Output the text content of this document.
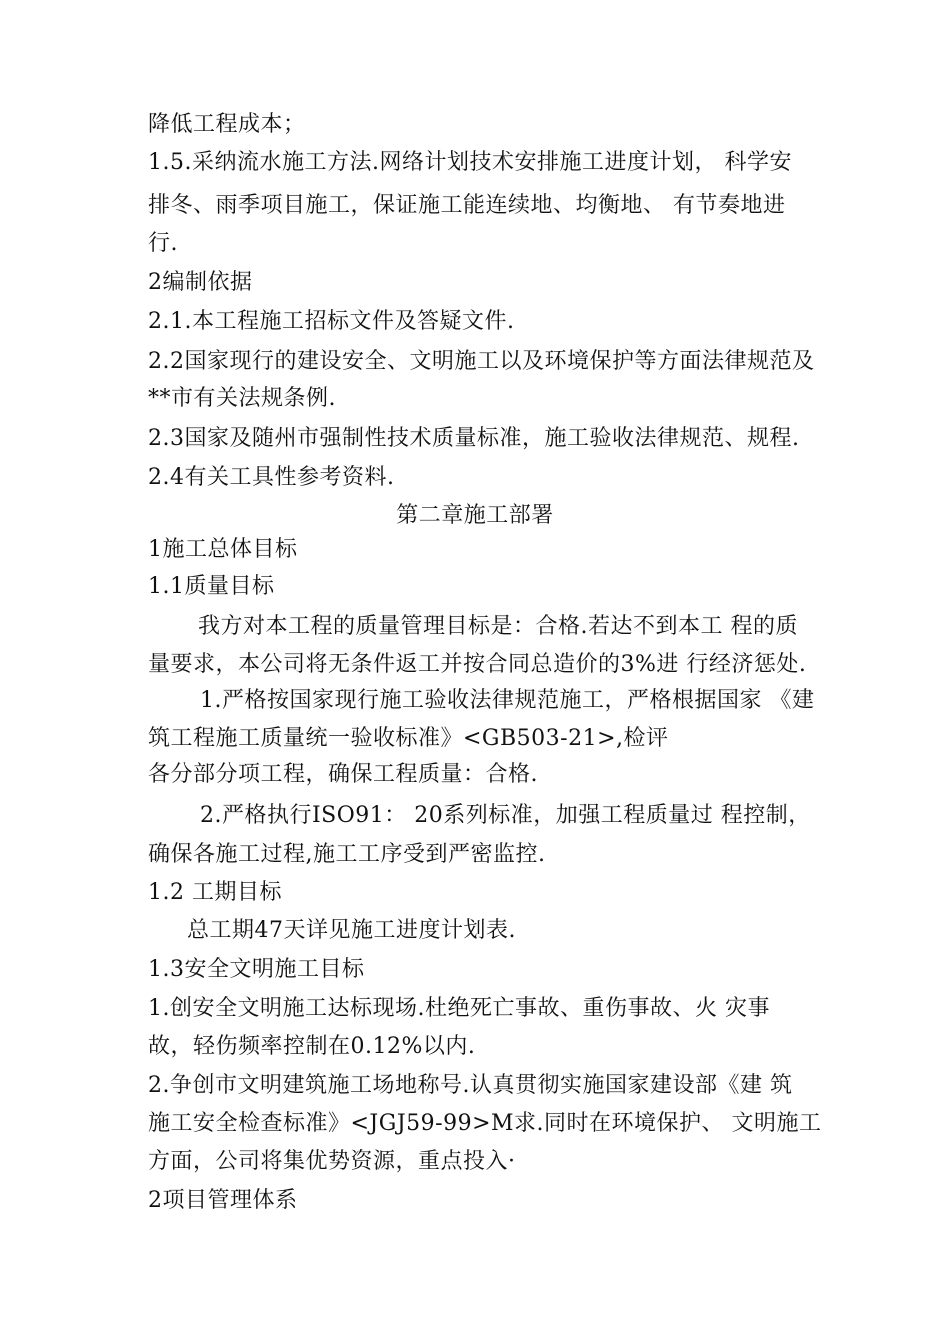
降低工程成本；
1.5.采纳流水施工方法.网络计划技术安排施工进度计划， 科学安
排冬、雨季项目施工，保证施工能连续地、均衡地、 有节奏地进
行.
2编制依据
2.1.本工程施工招标文件及答疑文件.
2.2国家现行的建设安全、文明施工以及环境保护等方面法律规范及
**市有关法规条例.
2.3国家及随州市强制性技术质量标准，施工验收法律规范、规程.
2.4有关工具性参考资料.
第二章施工部署
1施工总体目标
1.1质量目标
我方对本工程的质量管理目标是：合格.若达不到本工 程的质
量要求，本公司将无条件返工并按合同总造价的3%进 行经济惩处.
1.严格按国家现行施工验收法律规范施工，严格根据国家 《建
筑工程施工质量统一验收标准》<GB503-21>,检评
各分部分项工程，确保工程质量：合格.
2.严格执行ISO91： 20系列标准，加强工程质量过 程控制，
确保各施工过程,施工工序受到严密监控.
1.2 工期目标
总工期47天详见施工进度计划表.
1.3安全文明施工目标
1.创安全文明施工达标现场.杜绝死亡事故、重伤事故、火 灾事
故，轻伤频率控制在0.12%以内.
2.争创市文明建筑施工场地称号.认真贯彻实施国家建设部《建 筑
施工安全检查标准》<JGJ59-99>M求.同时在环境保护、 文明施工
方面，公司将集优势资源，重点投入·
2项目管理体系
